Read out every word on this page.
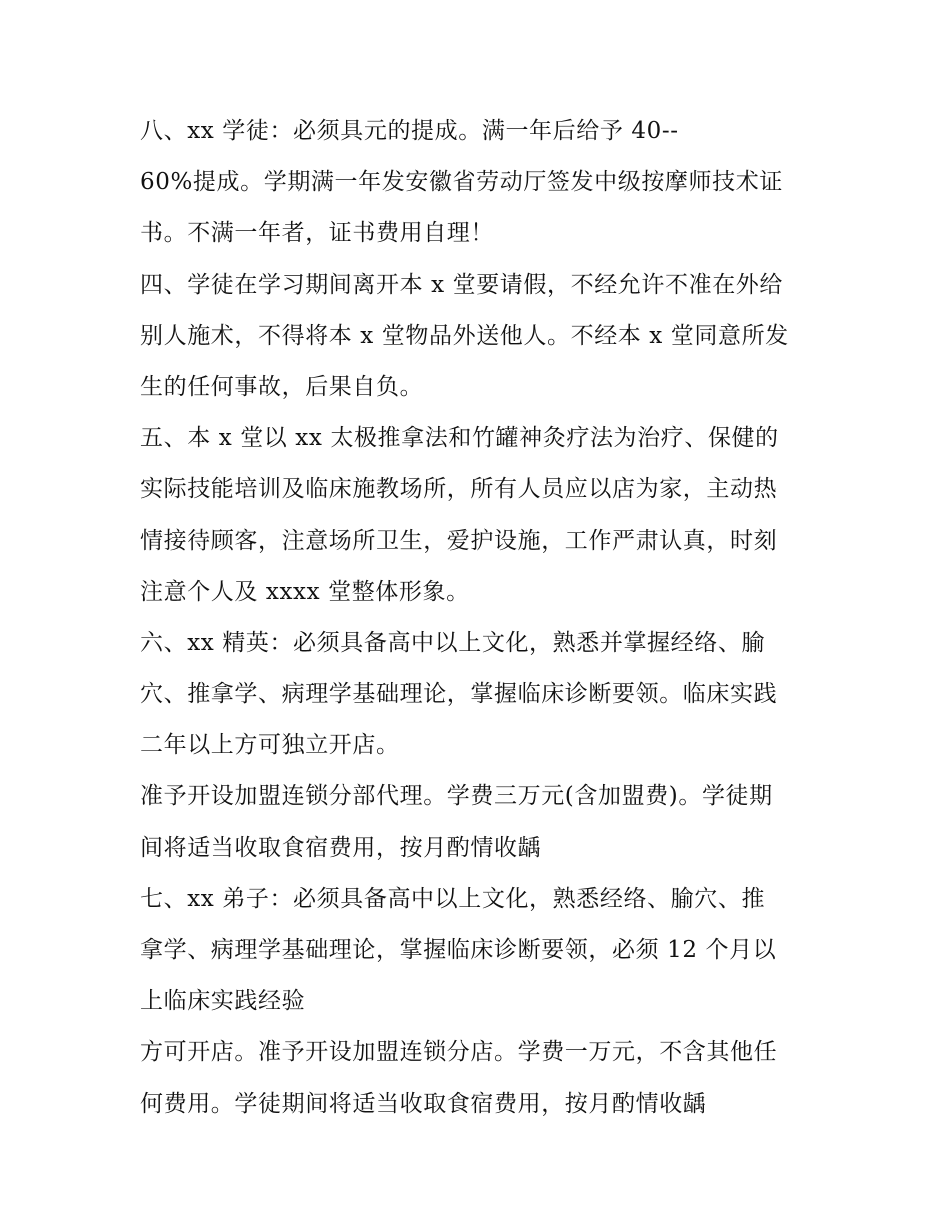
八、xx 学徒：必须具元的提成。满一年后给予 40--
60%提成。学期满一年发安徽省劳动厅签发中级按摩师技术证
书。不满一年者，证书费用自理！
四、学徒在学习期间离开本 x 堂要请假，不经允许不准在外给
别人施术，不得将本 x 堂物品外送他人。不经本 x 堂同意所发
生的任何事故，后果自负。
五、本 x 堂以 xx 太极推拿法和竹罐神灸疗法为治疗、保健的
实际技能培训及临床施教场所，所有人员应以店为家，主动热
情接待顾客，注意场所卫生，爱护设施，工作严肃认真，时刻
注意个人及 xxxx 堂整体形象。
六、xx 精英：必须具备高中以上文化，熟悉并掌握经络、腧
穴、推拿学、病理学基础理论，掌握临床诊断要领。临床实践
二年以上方可独立开店。
准予开设加盟连锁分部代理。学费三万元(含加盟费)。学徒期
间将适当收取食宿费用，按月酌情收龋
七、xx 弟子：必须具备高中以上文化，熟悉经络、腧穴、推
拿学、病理学基础理论，掌握临床诊断要领，必须 12 个月以
上临床实践经验
方可开店。准予开设加盟连锁分店。学费一万元，不含其他任
何费用。学徒期间将适当收取食宿费用，按月酌情收龋
